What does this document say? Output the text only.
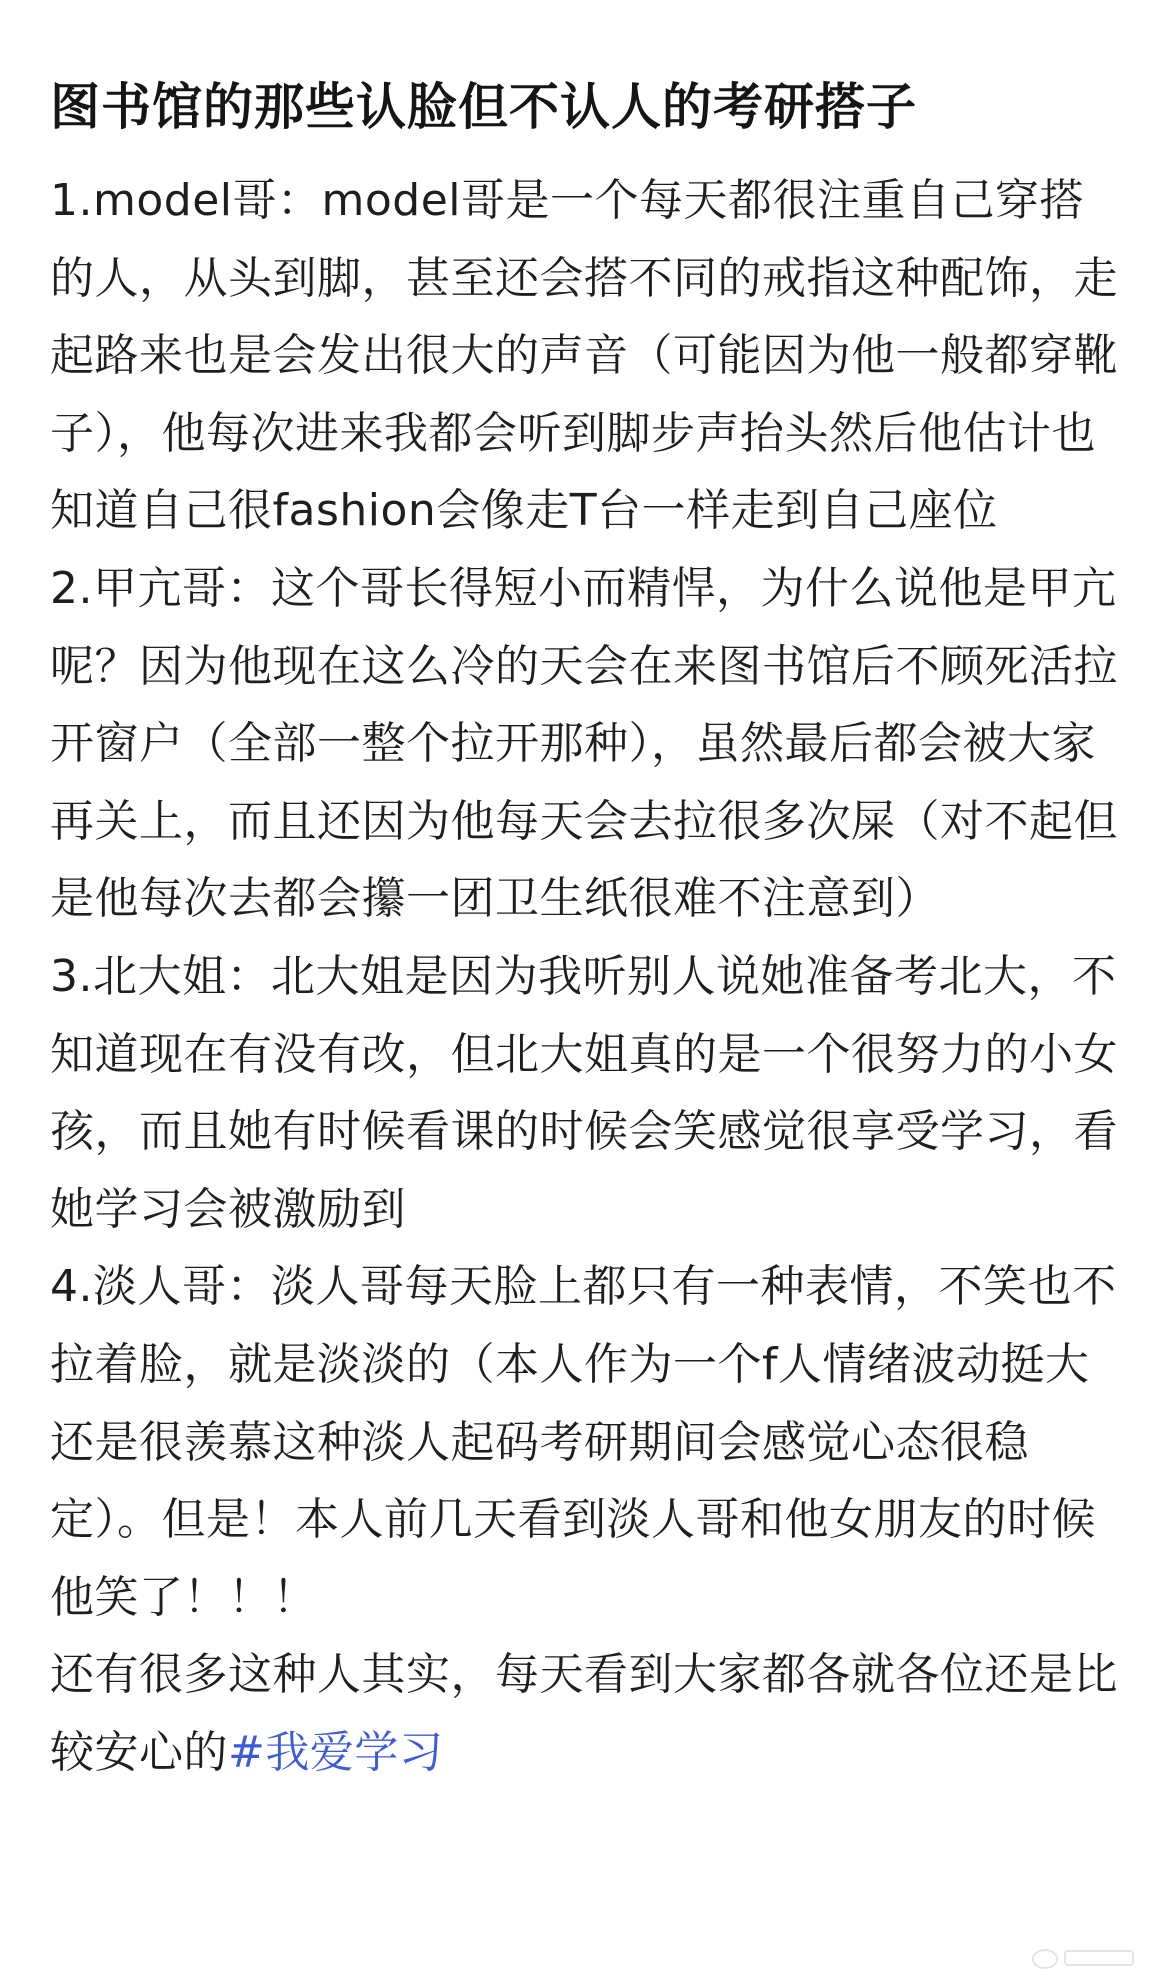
图书馆的那些认脸但不认人的考研搭子

1.model哥：model哥是一个每天都很注重自己穿搭的人，从头到脚，甚至还会搭不同的戒指这种配饰，走起路来也是会发出很大的声音（可能因为他一般都穿靴子），他每次进来我都会听到脚步声抬头然后他估计也知道自己很fashion会像走T台一样走到自己座位

2.甲亢哥：这个哥长得短小而精悍，为什么说他是甲亢呢？因为他现在这么冷的天会在来图书馆后不顾死活拉开窗户（全部一整个拉开那种），虽然最后都会被大家再关上，而且还因为他每天会去拉很多次屎（对不起但是他每次去都会攥一团卫生纸很难不注意到）

3.北大姐：北大姐是因为我听别人说她准备考北大，不知道现在有没有改，但北大姐真的是一个很努力的小女孩，而且她有时候看课的时候会笑感觉很享受学习，看她学习会被激励到

4.淡人哥：淡人哥每天脸上都只有一种表情，不笑也不拉着脸，就是淡淡的（本人作为一个f人情绪波动挺大还是很羡慕这种淡人起码考研期间会感觉心态很稳定）。但是！本人前几天看到淡人哥和他女朋友的时候他笑了！！！

还有很多这种人其实，每天看到大家都各就各位还是比较安心的#我爱学习
